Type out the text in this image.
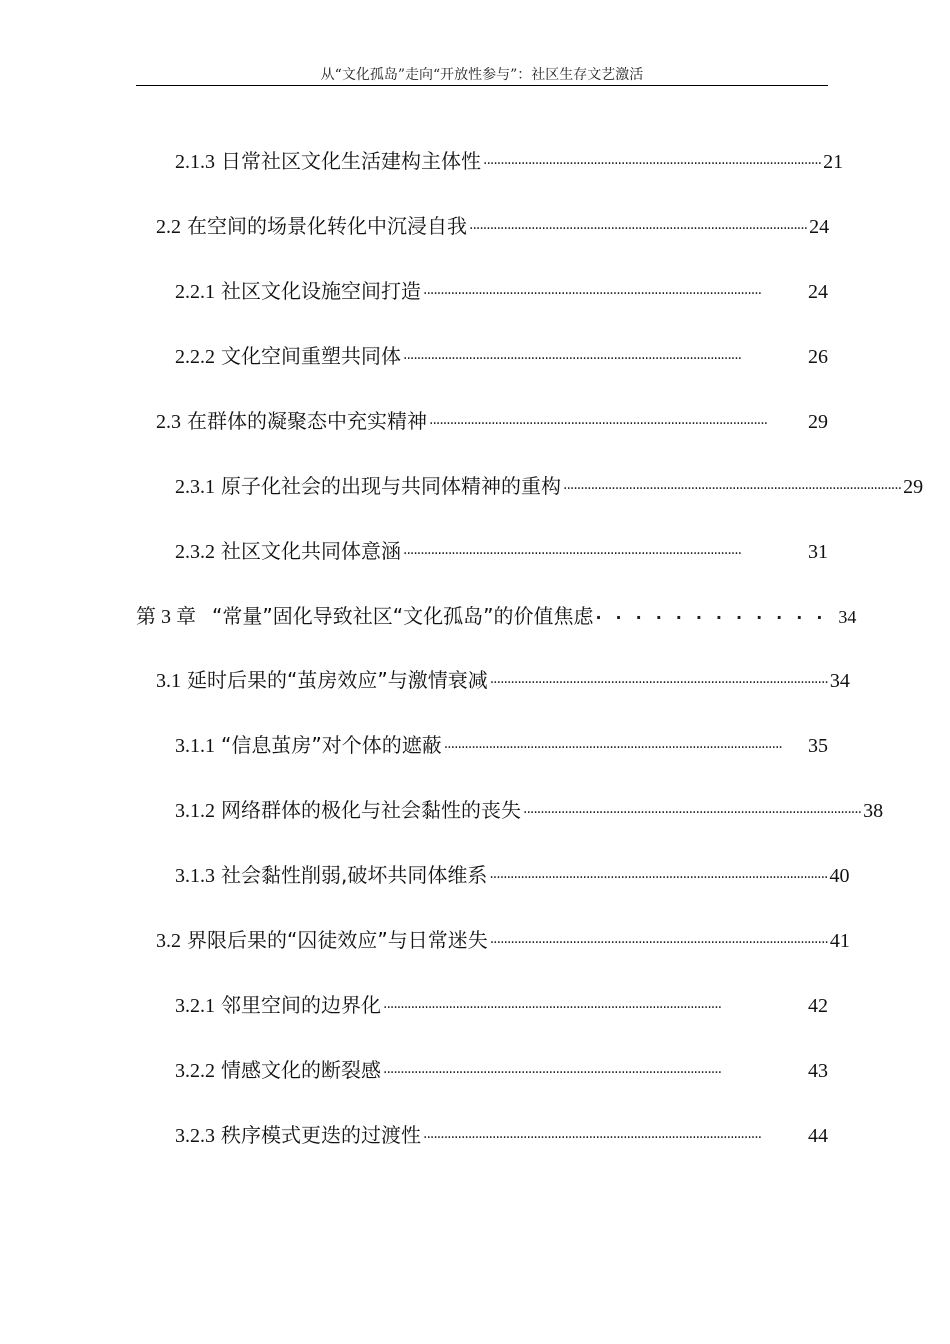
从“文化孤岛”走向“开放性参与”：社区生存文艺激活
2.1.3 日常社区文化生活建构主体性 ·································································································· 21
2.2 在空间的场景化转化中沉浸自我 ·································································································· 24
2.2.1 社区文化设施空间打造 ··································································································	24
2.2.2 文化空间重塑共同体 ··································································································	26
2.3 在群体的凝聚态中充实精神 ··································································································	29
2.3.1 原子化社会的出现与共同体精神的重构 ·································································································· 29
2.3.2 社区文化共同体意涵 ··································································································	31
第 3 章 “常量”固化导致社区“文化孤岛”的价值焦虑 ············ 34
3.1 延时后果的“茧房效应”与激情衰减 ·································································································· 34
3.1.1 “信息茧房”对个体的遮蔽 ··································································································	35
3.1.2 网络群体的极化与社会黏性的丧失 ·································································································· 38
3.1.3 社会黏性削弱,破坏共同体维系 ·································································································· 40
3.2 界限后果的“囚徒效应”与日常迷失 ·································································································· 41
3.2.1 邻里空间的边界化 ··································································································	42
3.2.2 情感文化的断裂感 ··································································································	43
3.2.3 秩序模式更迭的过渡性 ··································································································	44
